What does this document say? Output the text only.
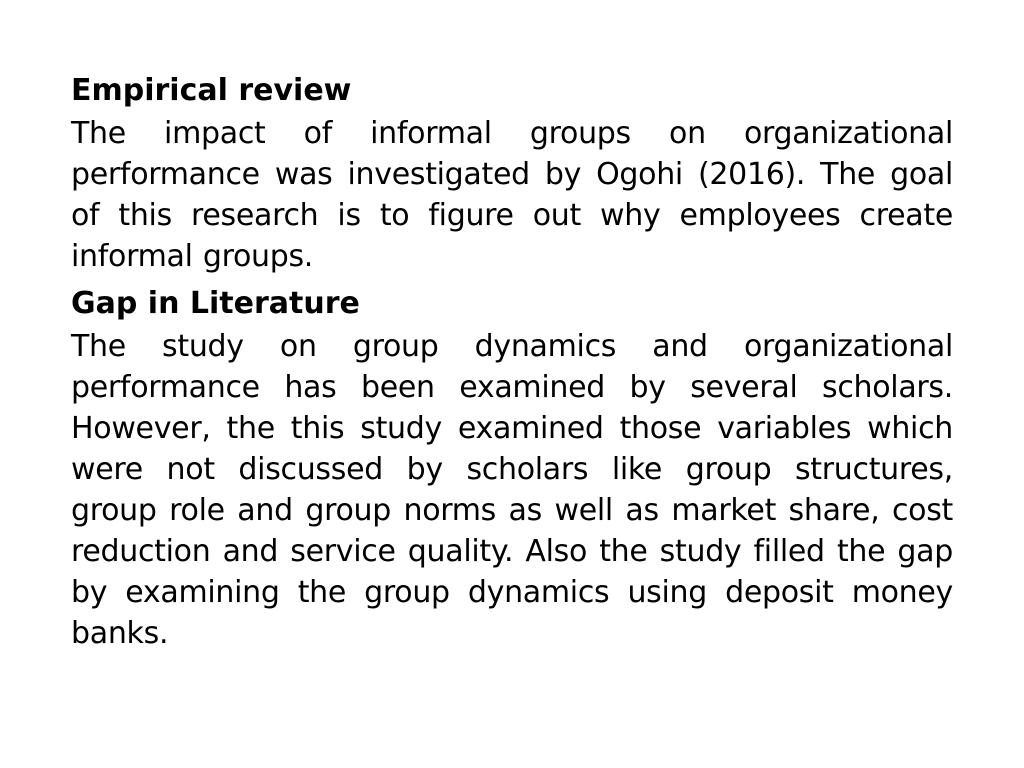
Empirical review

The impact of informal groups on organizational performance was investigated by Ogohi (2016). The goal of this research is to figure out why employees create informal groups.

Gap in Literature

The study on group dynamics and organizational performance has been examined by several scholars. However, the this study examined those variables which were not discussed by scholars like group structures, group role and group norms as well as market share, cost reduction and service quality. Also the study filled the gap by examining the group dynamics using deposit money banks.
